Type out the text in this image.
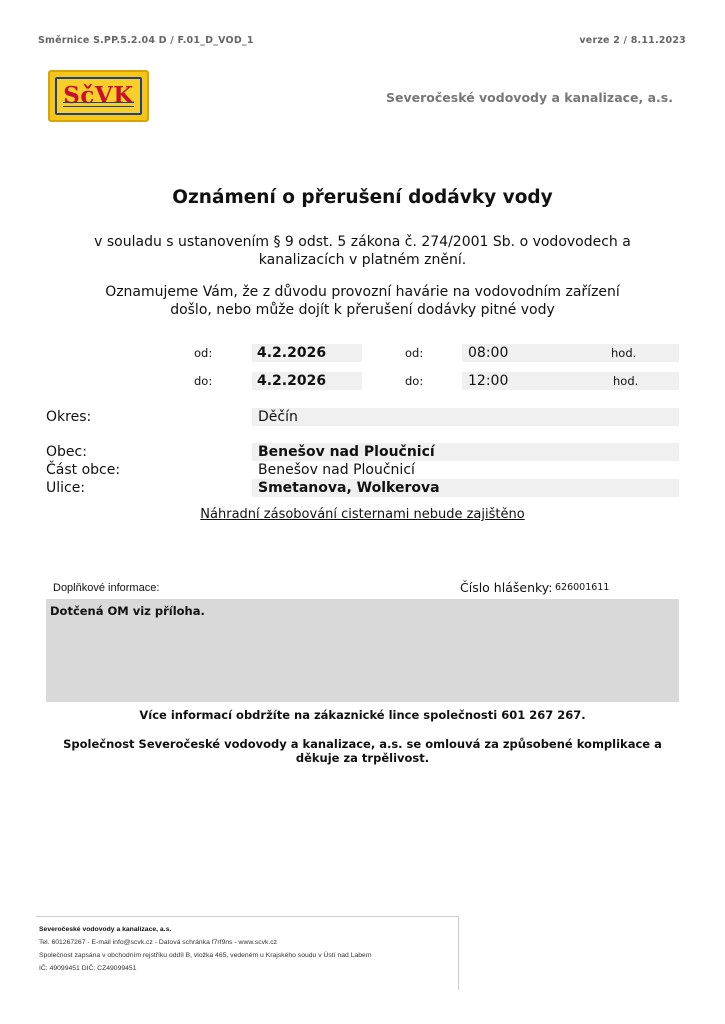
Směrnice S.PP.5.2.04 D / F.01_D_VOD_1	verze 2 / 8.11.2023
SčVK	Severočeské vodovody a kanalizace, a.s.
Oznámení o přerušení dodávky vody
v souladu s ustanovením § 9 odst. 5 zákona č. 274/2001 Sb. o vodovodech a
kanalizacích v platném znění.
Oznamujeme Vám, že z důvodu provozní havárie na vodovodním zařízení
došlo, nebo může dojít k přerušení dodávky pitné vody
od:	4.2.2026	od:	08:00	hod.
do:	4.2.2026	do:	12:00	hod.
Okres:	Děčín
Obec:	Benešov nad Ploučnicí
Část obce:	Benešov nad Ploučnicí
Ulice:	Smetanova, Wolkerova
Náhradní zásobování cisternami nebude zajištěno
Doplňkové informace:	Číslo hlášenky: 626001611
Dotčená OM viz příloha.
Více informací obdržíte na zákaznické lince společnosti 601 267 267.
Společnost Severočeské vodovody a kanalizace, a.s. se omlouvá za způsobené komplikace a
děkuje za trpělivost.
Severočeské vodovody a kanalizace, a.s.
Tel. 601267267 - E-mail info@scvk.cz - Datová schránka f7rf9ns - www.scvk.cz
Společnost zapsána v obchodním rejstříku oddíl B, vložka 465, vedeném u Krajského soudu v Ústí nad Labem
IČ: 49099451 DIČ: CZ49099451
